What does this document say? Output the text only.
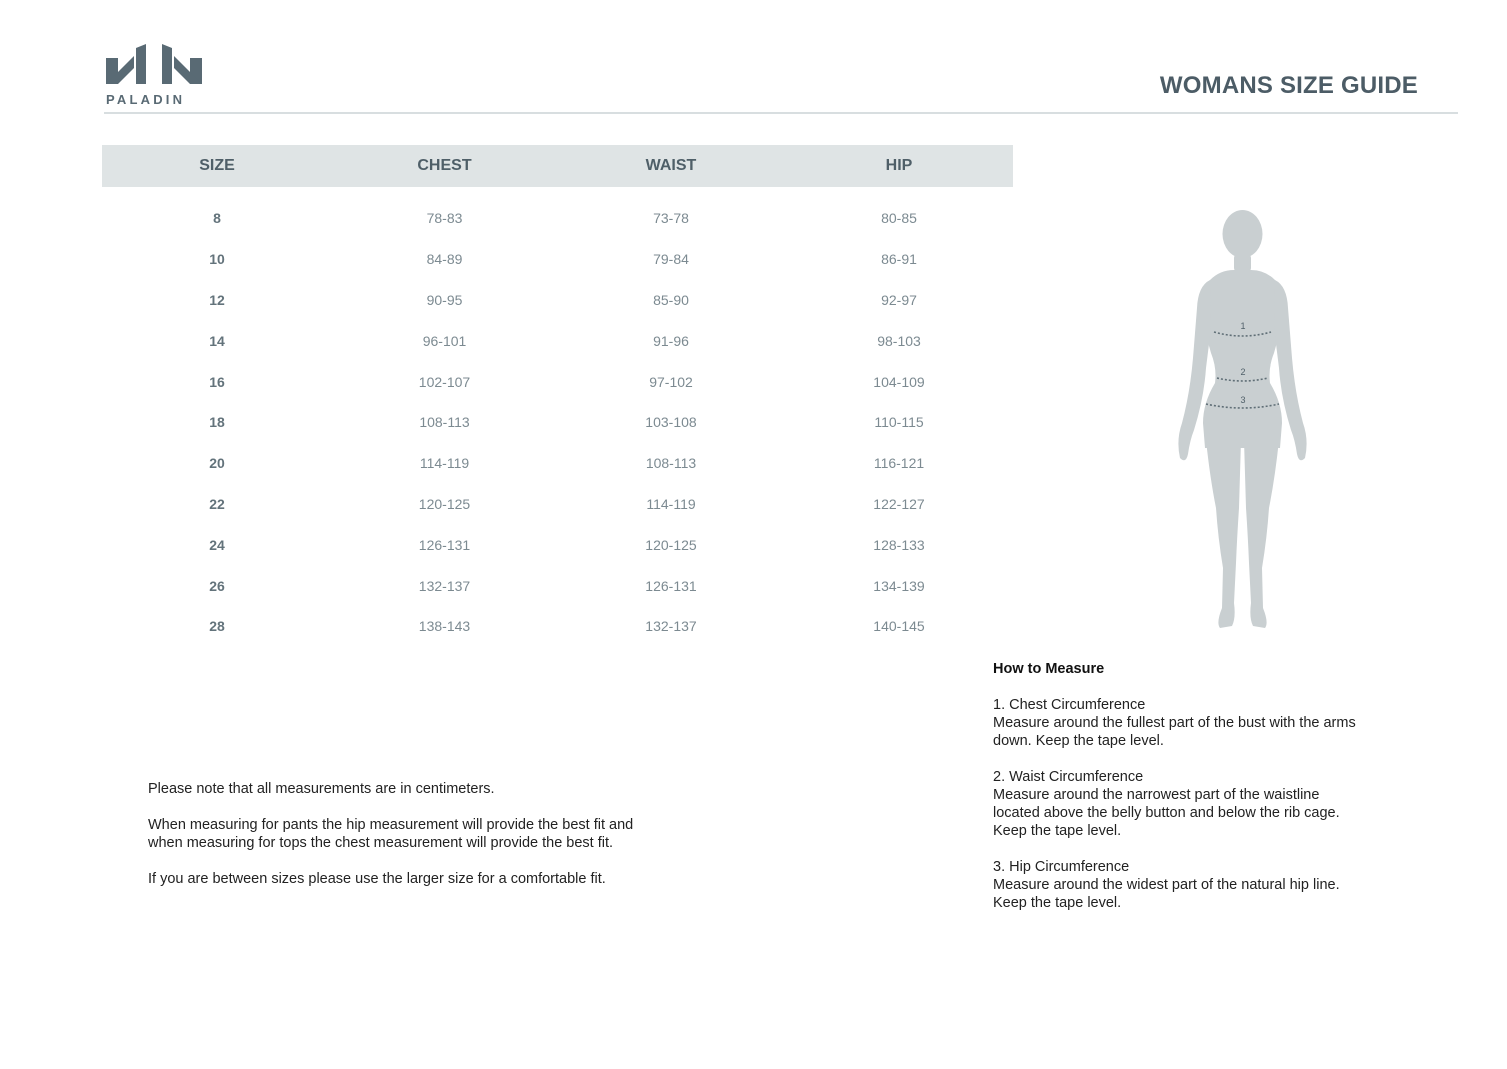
PALADIN
WOMANS SIZE GUIDE
SIZE	CHEST	WAIST	HIP
8	78-83	73-78	80-85
10	84-89	79-84	86-91
12	90-95	85-90	92-97
14	96-101	91-96	98-103
16	102-107	97-102	104-109
18	108-113	103-108	110-115
20	114-119	108-113	116-121
22	120-125	114-119	122-127
24	126-131	120-125	128-133
26	132-137	126-131	134-139
28	138-143	132-137	140-145
1
2
3

Please note that all measurements are in centimeters.

When measuring for pants the hip measurement will provide the best fit and
when measuring for tops the chest measurement will provide the best fit.

If you are between sizes please use the larger size for a comfortable fit.

How to Measure
1. Chest Circumference
Measure around the fullest part of the bust with the arms
down. Keep the tape level.
2. Waist Circumference
Measure around the narrowest part of the waistline
located above the belly button and below the rib cage.
Keep the tape level.
3. Hip Circumference
Measure around the widest part of the natural hip line.
Keep the tape level.
